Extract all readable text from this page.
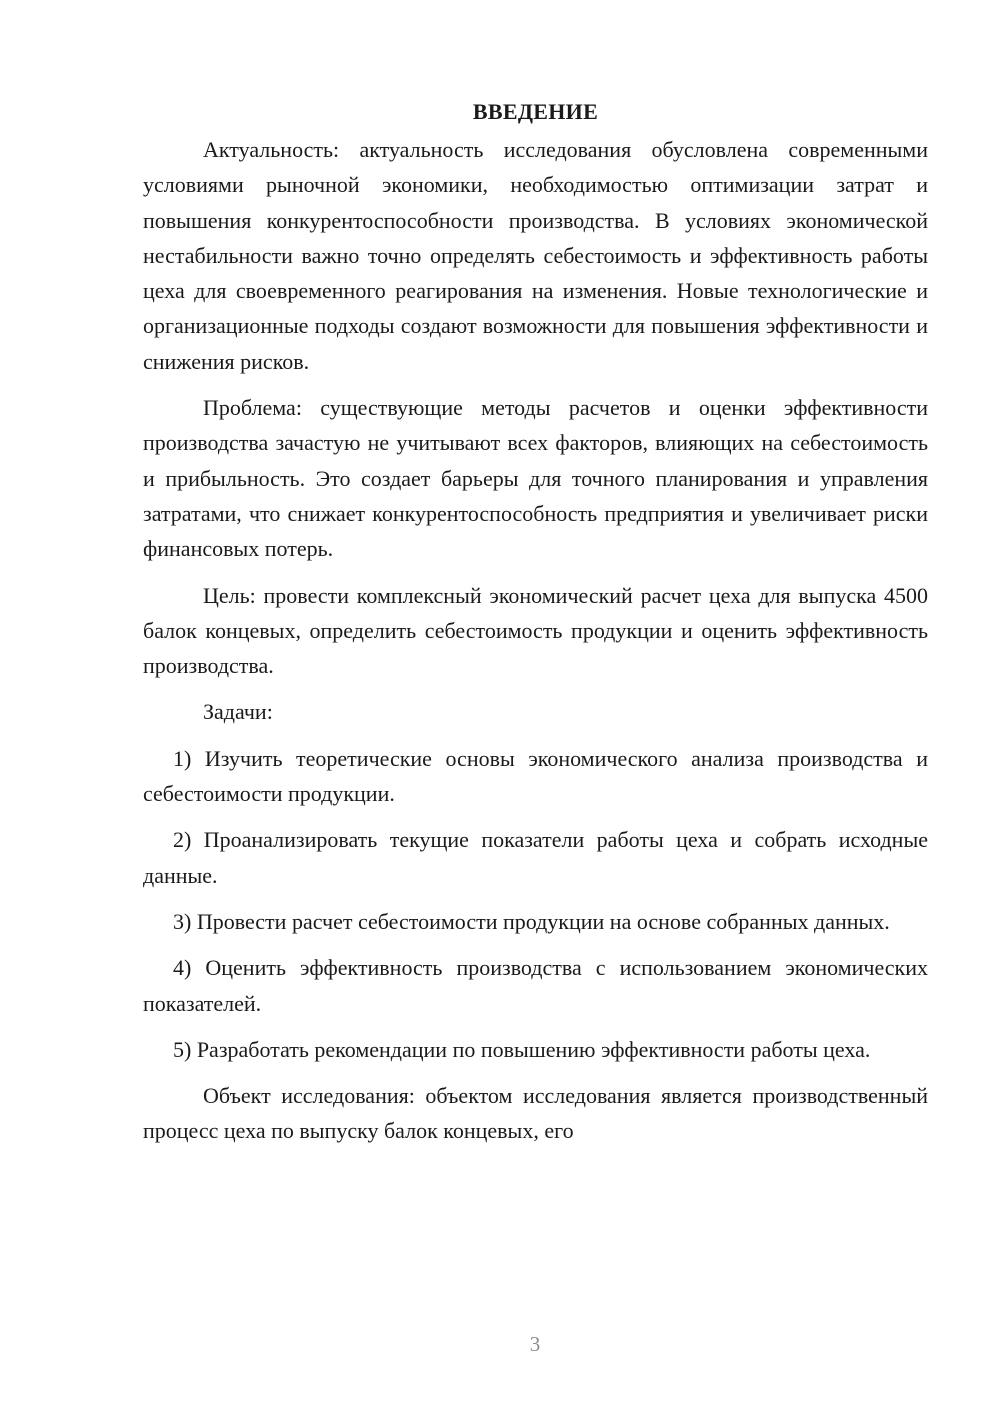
ВВЕДЕНИЕ

Актуальность: актуальность исследования обусловлена современными условиями рыночной экономики, необходимостью оптимизации затрат и повышения конкурентоспособности производства. В условиях экономической нестабильности важно точно определять себестоимость и эффективность работы цеха для своевременного реагирования на изменения. Новые технологические и организационные подходы создают возможности для повышения эффективности и снижения рисков.

Проблема: существующие методы расчетов и оценки эффективности производства зачастую не учитывают всех факторов, влияющих на себестоимость и прибыльность. Это создает барьеры для точного планирования и управления затратами, что снижает конкурентоспособность предприятия и увеличивает риски финансовых потерь.

Цель: провести комплексный экономический расчет цеха для выпуска 4500 балок концевых, определить себестоимость продукции и оценить эффективность производства.

Задачи:

1) Изучить теоретические основы экономического анализа производства и себестоимости продукции.

2) Проанализировать текущие показатели работы цеха и собрать исходные данные.

3) Провести расчет себестоимости продукции на основе собранных данных.

4) Оценить эффективность производства с использованием экономических показателей.

5) Разработать рекомендации по повышению эффективности работы цеха.

Объект исследования: объектом исследования является производственный процесс цеха по выпуску балок концевых, его

3
